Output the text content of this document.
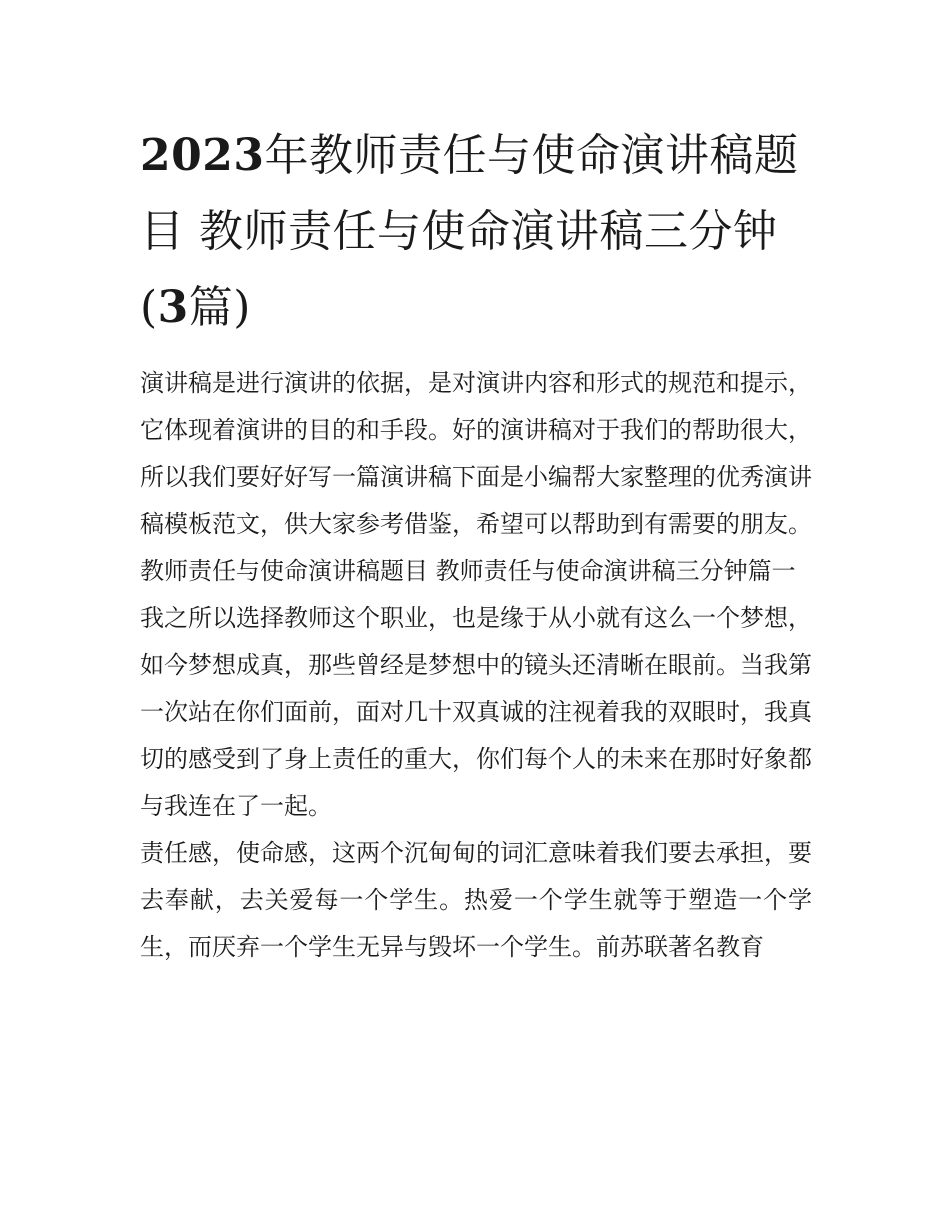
2023年教师责任与使命演讲稿题目 教师责任与使命演讲稿三分钟(3篇)

演讲稿是进行演讲的依据，是对演讲内容和形式的规范和提示，它体现着演讲的目的和手段。好的演讲稿对于我们的帮助很大，所以我们要好好写一篇演讲稿下面是小编帮大家整理的优秀演讲稿模板范文，供大家参考借鉴，希望可以帮助到有需要的朋友。

教师责任与使命演讲稿题目 教师责任与使命演讲稿三分钟篇一

我之所以选择教师这个职业，也是缘于从小就有这么一个梦想，如今梦想成真，那些曾经是梦想中的镜头还清晰在眼前。当我第一次站在你们面前，面对几十双真诚的注视着我的双眼时，我真切的感受到了身上责任的重大，你们每个人的未来在那时好象都与我连在了一起。

责任感，使命感，这两个沉甸甸的词汇意味着我们要去承担，要去奉献，去关爱每一个学生。热爱一个学生就等于塑造一个学生，而厌弃一个学生无异与毁坏一个学生。前苏联著名教育
